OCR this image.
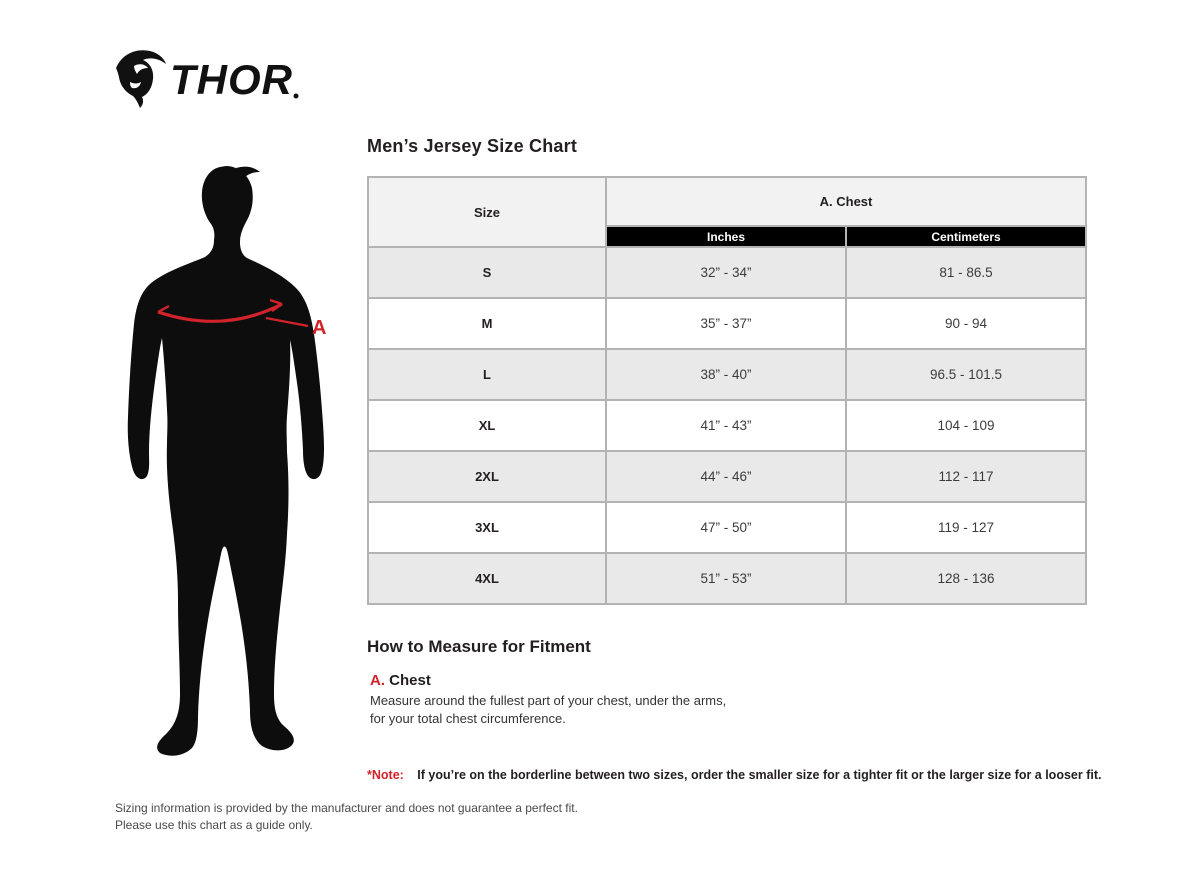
THOR
A
Men’s Jersey Size Chart
Size	A. Chest	
	Inches	Centimeters
S	32” - 34”	81 - 86.5
M	35” - 37”	90 - 94
L	38” - 40”	96.5 - 101.5
XL	41” - 43”	104 - 109
2XL	44” - 46”	112 - 117
3XL	47” - 50”	119 - 127
4XL	51” - 53”	128 - 136
How to Measure for Fitment

A. Chest

Measure around the fullest part of your chest, under the arms, for your total chest circumference.

*Note: If you’re on the borderline between two sizes, order the smaller size for a tighter fit or the larger size for a looser fit.
Sizing information is provided by the manufacturer and does not guarantee a perfect fit.
Please use this chart as a guide only.
